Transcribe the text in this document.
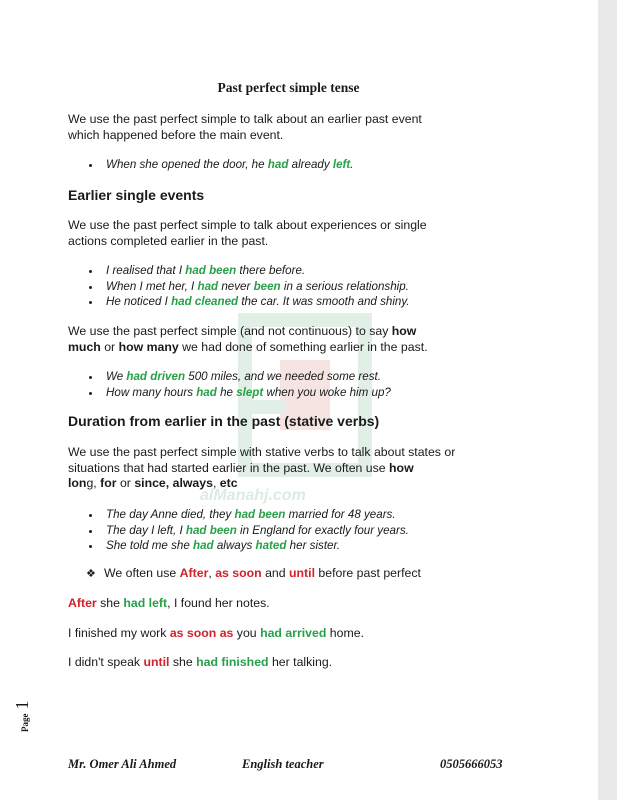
alManahj.com
Past perfect simple tense
We use the past perfect simple to talk about an earlier past event
which happened before the main event.
When she opened the door, he had already left.
Earlier single events
We use the past perfect simple to talk about experiences or single
actions completed earlier in the past.
I realised that I had been there before.
When I met her, I had never been in a serious relationship.
He noticed I had cleaned the car. It was smooth and shiny.
We use the past perfect simple (and not continuous) to say how
much or how many we had done of something earlier in the past.
We had driven 500 miles, and we needed some rest.
How many hours had he slept when you woke him up?
Duration from earlier in the past (stative verbs)
We use the past perfect simple with stative verbs to talk about states or
situations that had started earlier in the past. We often use how
long, for or since, always, etc
The day Anne died, they had been married for 48 years.
The day I left, I had been in England for exactly four years.
She told me she had always hated her sister.
❖ We often use After, as soon and until before past perfect
After she had left, I found her notes.
I finished my work as soon as you had arrived home.
I didn't speak until she had finished her talking.
Page 1
Mr. Omer Ali Ahmed	English teacher	0505666053
